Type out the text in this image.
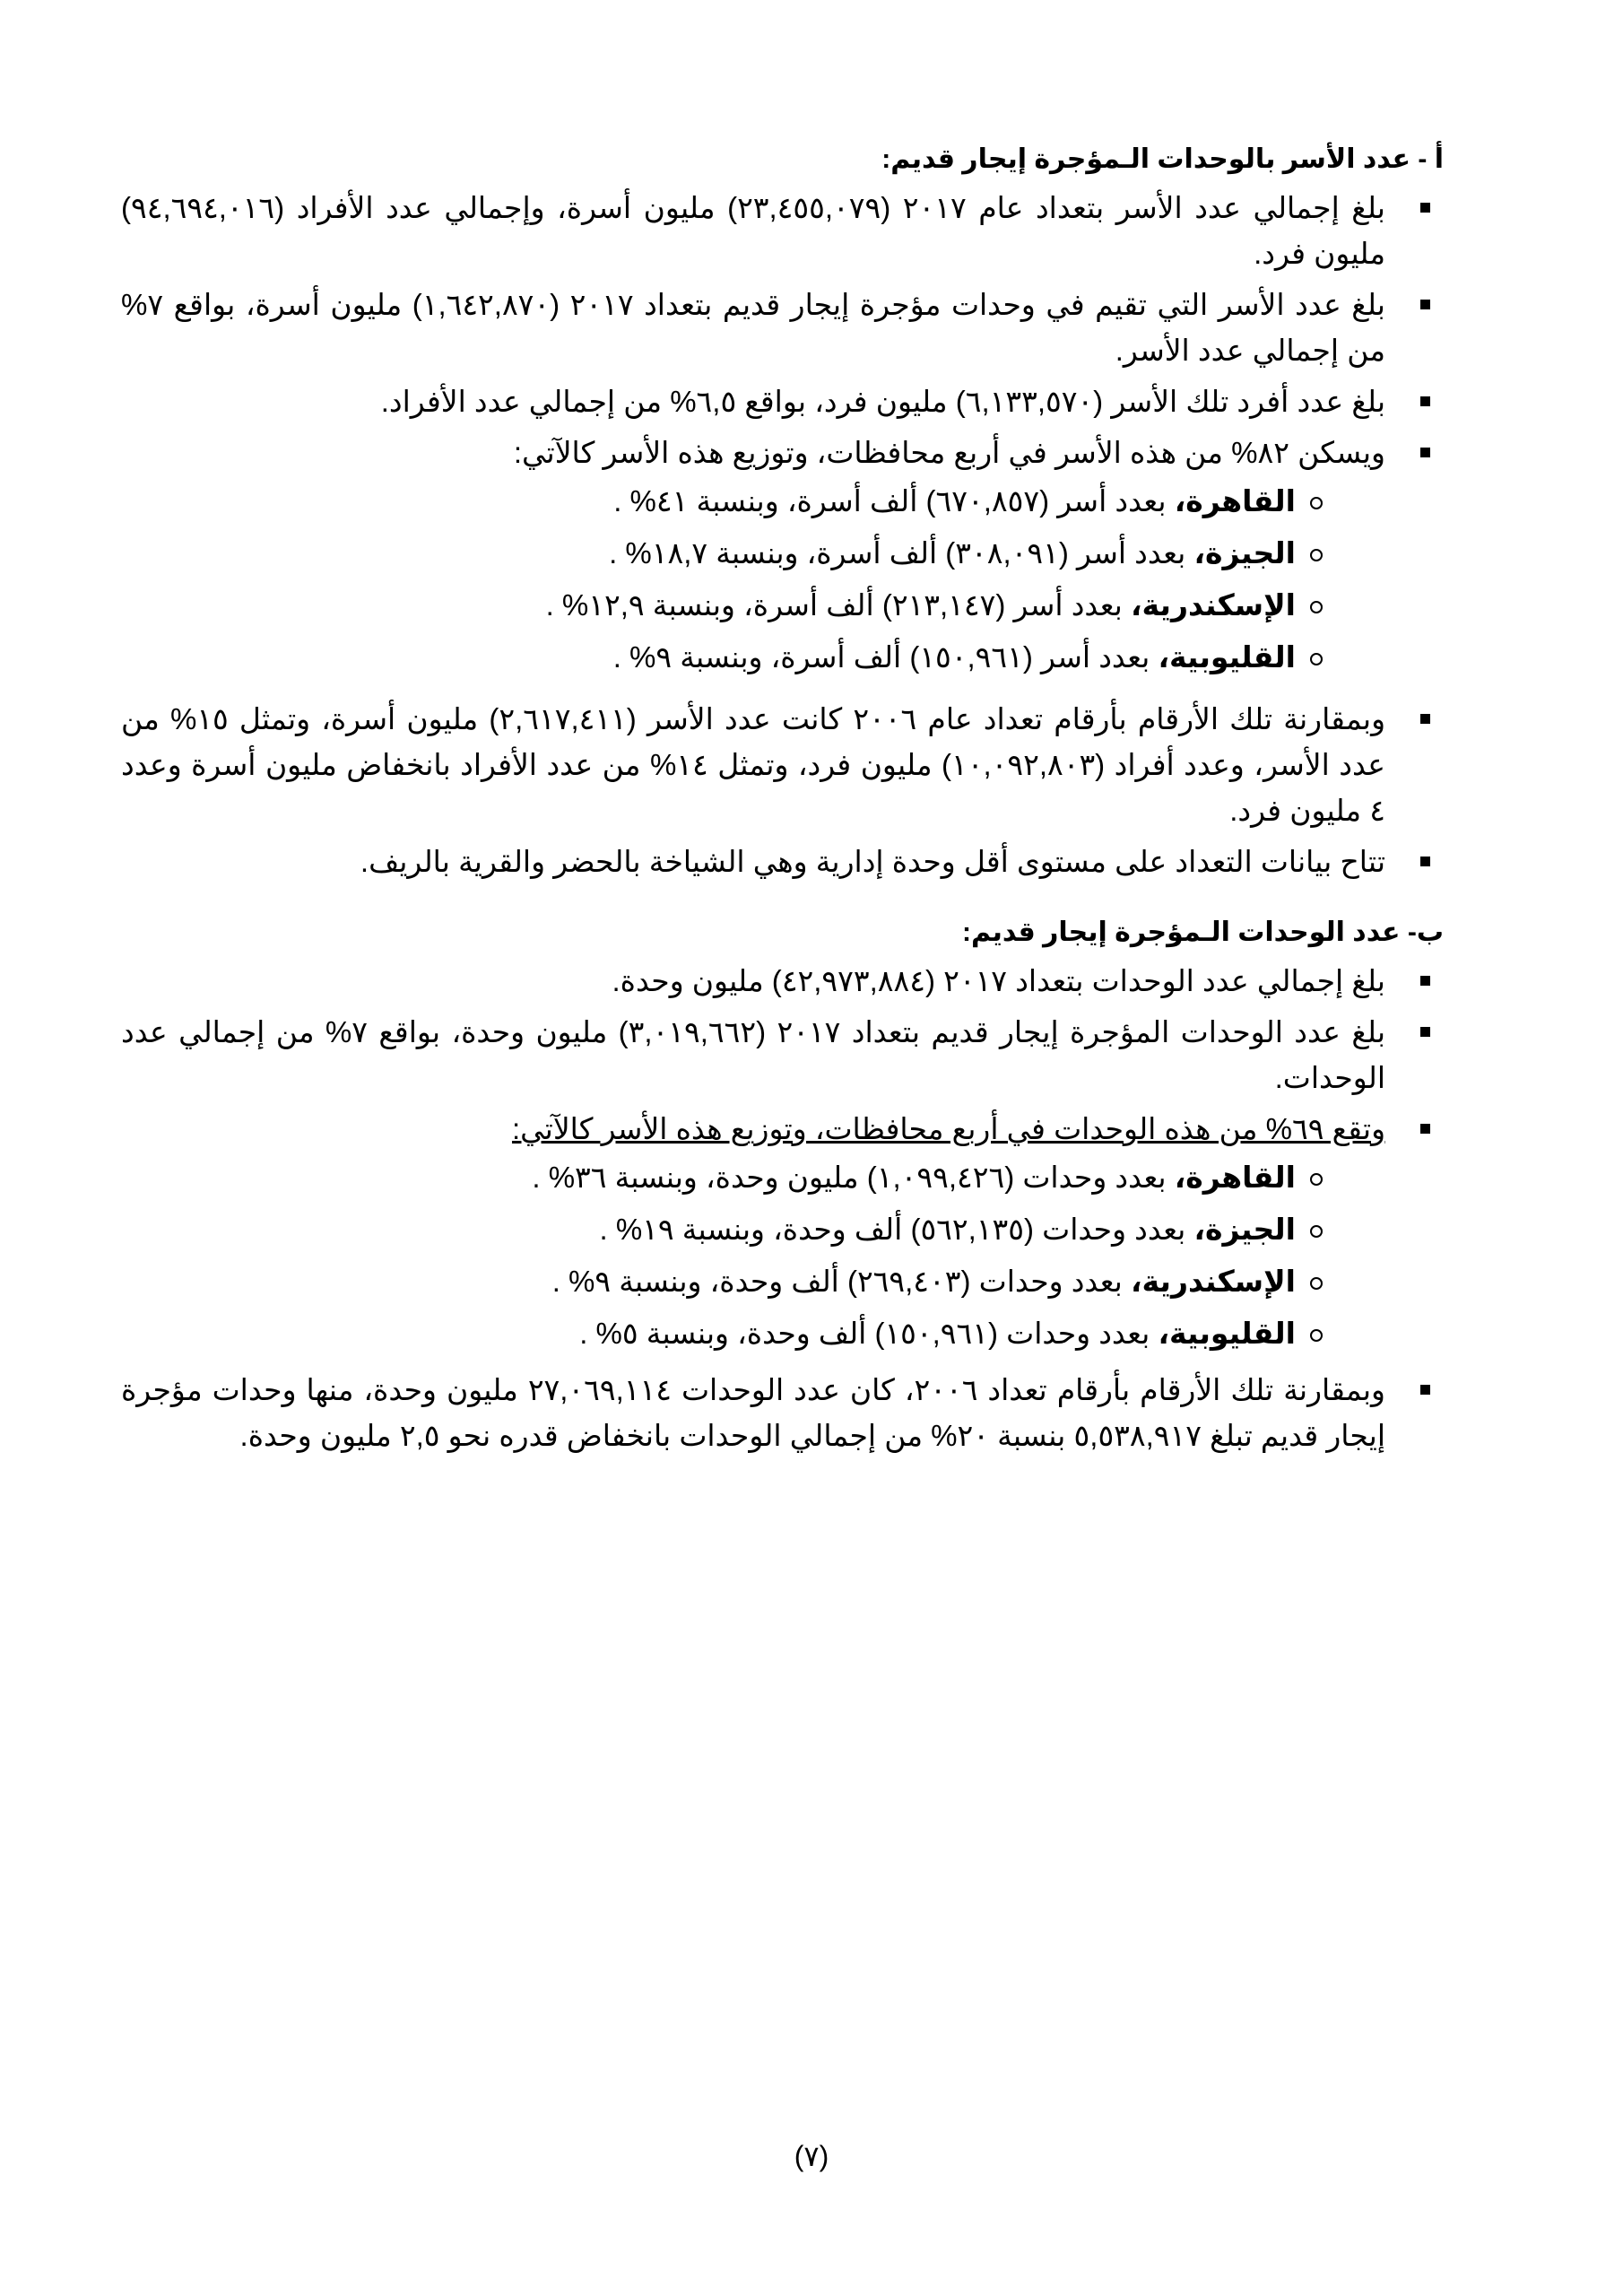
أ - عدد الأسر بالوحدات الـمؤجرة إيجار قديم:

بلغ إجمالي عدد الأسر بتعداد عام ٢٠١٧ (٢٣,٤٥٥,٠٧٩) مليون أسرة، وإجمالي عدد الأفراد (٩٤,٦٩٤,٠١٦) مليون فرد.

بلغ عدد الأسر التي تقيم في وحدات مؤجرة إيجار قديم بتعداد ٢٠١٧ (١,٦٤٢,٨٧٠) مليون أسرة، بواقع ٧% من إجمالي عدد الأسر.

بلغ عدد أفرد تلك الأسر (٦,١٣٣,٥٧٠) مليون فرد، بواقع ٦,٥% من إجمالي عدد الأفراد.

ويسكن ٨٢% من هذه الأسر في أربع محافظات، وتوزيع هذه الأسر كالآتي:

القاهرة، بعدد أسر (٦٧٠,٨٥٧) ألف أسرة، وبنسبة ٤١% .
الجيزة، بعدد أسر (٣٠٨,٠٩١) ألف أسرة، وبنسبة ١٨,٧% .
الإسكندرية، بعدد أسر (٢١٣,١٤٧) ألف أسرة، وبنسبة ١٢,٩% .
القليوبية، بعدد أسر (١٥٠,٩٦١) ألف أسرة، وبنسبة ٩% .

وبمقارنة تلك الأرقام بأرقام تعداد عام ٢٠٠٦ كانت عدد الأسر (٢,٦١٧,٤١١) مليون أسرة، وتمثل ١٥% من عدد الأسر، وعدد أفراد (١٠,٠٩٢,٨٠٣) مليون فرد، وتمثل ١٤% من عدد الأفراد بانخفاض مليون أسرة وعدد ٤ مليون فرد.

تتاح بيانات التعداد على مستوى أقل وحدة إدارية وهي الشياخة بالحضر والقرية بالريف.

ب- عدد الوحدات الـمؤجرة إيجار قديم:

بلغ إجمالي عدد الوحدات بتعداد ٢٠١٧ (٤٢,٩٧٣,٨٨٤) مليون وحدة.

بلغ عدد الوحدات المؤجرة إيجار قديم بتعداد ٢٠١٧ (٣,٠١٩,٦٦٢) مليون وحدة، بواقع ٧% من إجمالي عدد الوحدات.

وتقع ٦٩% من هذه الوحدات في أربع محافظات، وتوزيع هذه الأسر كالآتي:

القاهرة، بعدد وحدات (١,٠٩٩,٤٢٦) مليون وحدة، وبنسبة ٣٦% .
الجيزة، بعدد وحدات (٥٦٢,١٣٥) ألف وحدة، وبنسبة ١٩% .
الإسكندرية، بعدد وحدات (٢٦٩,٤٠٣) ألف وحدة، وبنسبة ٩% .
القليوبية، بعدد وحدات (١٥٠,٩٦١) ألف وحدة، وبنسبة ٥% .

وبمقارنة تلك الأرقام بأرقام تعداد ٢٠٠٦، كان عدد الوحدات ٢٧,٠٦٩,١١٤ مليون وحدة، منها وحدات مؤجرة إيجار قديم تبلغ ٥,٥٣٨,٩١٧ بنسبة ٢٠% من إجمالي الوحدات بانخفاض قدره نحو ٢,٥ مليون وحدة.

(٧)
